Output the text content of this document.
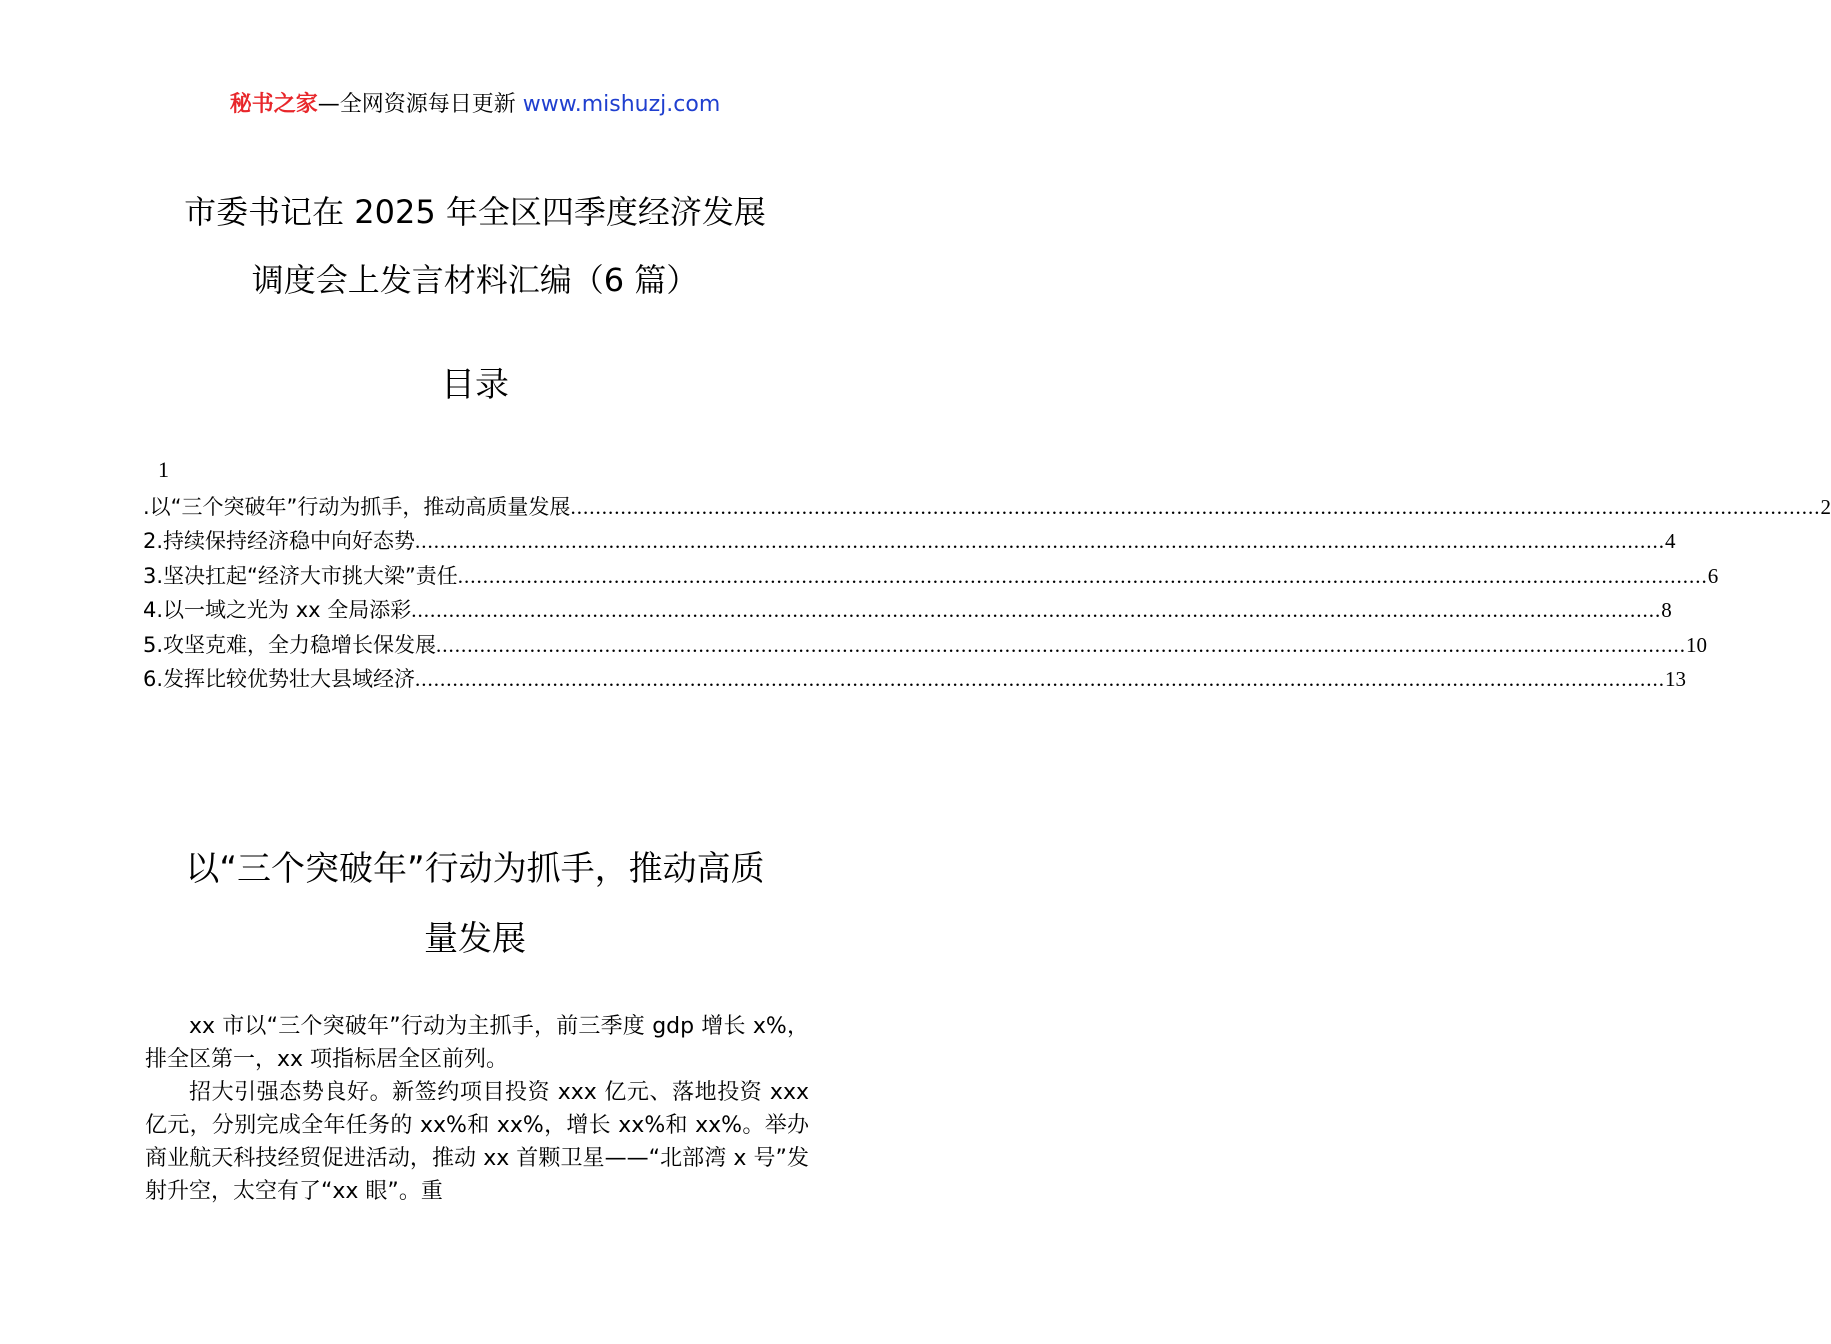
秘书之家—全网资源每日更新 www.mishuzj.com
市委书记在 2025 年全区四季度经济发展
调度会上发言材料汇编（6 篇）
目录
1
.以“三个突破年”行动为抓手，推动高质量发展 ........................................................................................................................................................................................................ 2
2.持续保持经济稳中向好态势 ........................................................................................................................................................................................................ 4
3.坚决扛起“经济大市挑大梁”责任 ........................................................................................................................................................................................................ 6
4.以一域之光为 xx 全局添彩 ........................................................................................................................................................................................................ 8
5.攻坚克难，全力稳增长保发展 ........................................................................................................................................................................................................ 10
6.发挥比较优势壮大县域经济 ........................................................................................................................................................................................................ 13
以“三个突破年”行动为抓手，推动高质
量发展

xx 市以“三个突破年”行动为主抓手，前三季度 gdp 增长 x%，排全区第一，xx 项指标居全区前列。

招大引强态势良好。新签约项目投资 xxx 亿元、落地投资 xxx 亿元，分别完成全年任务的 xx%和 xx%，增长 xx%和 xx%。举办商业航天科技经贸促进活动，推动 xx 首颗卫星——“北部湾 x 号”发射升空，太空有了“xx 眼”。重
